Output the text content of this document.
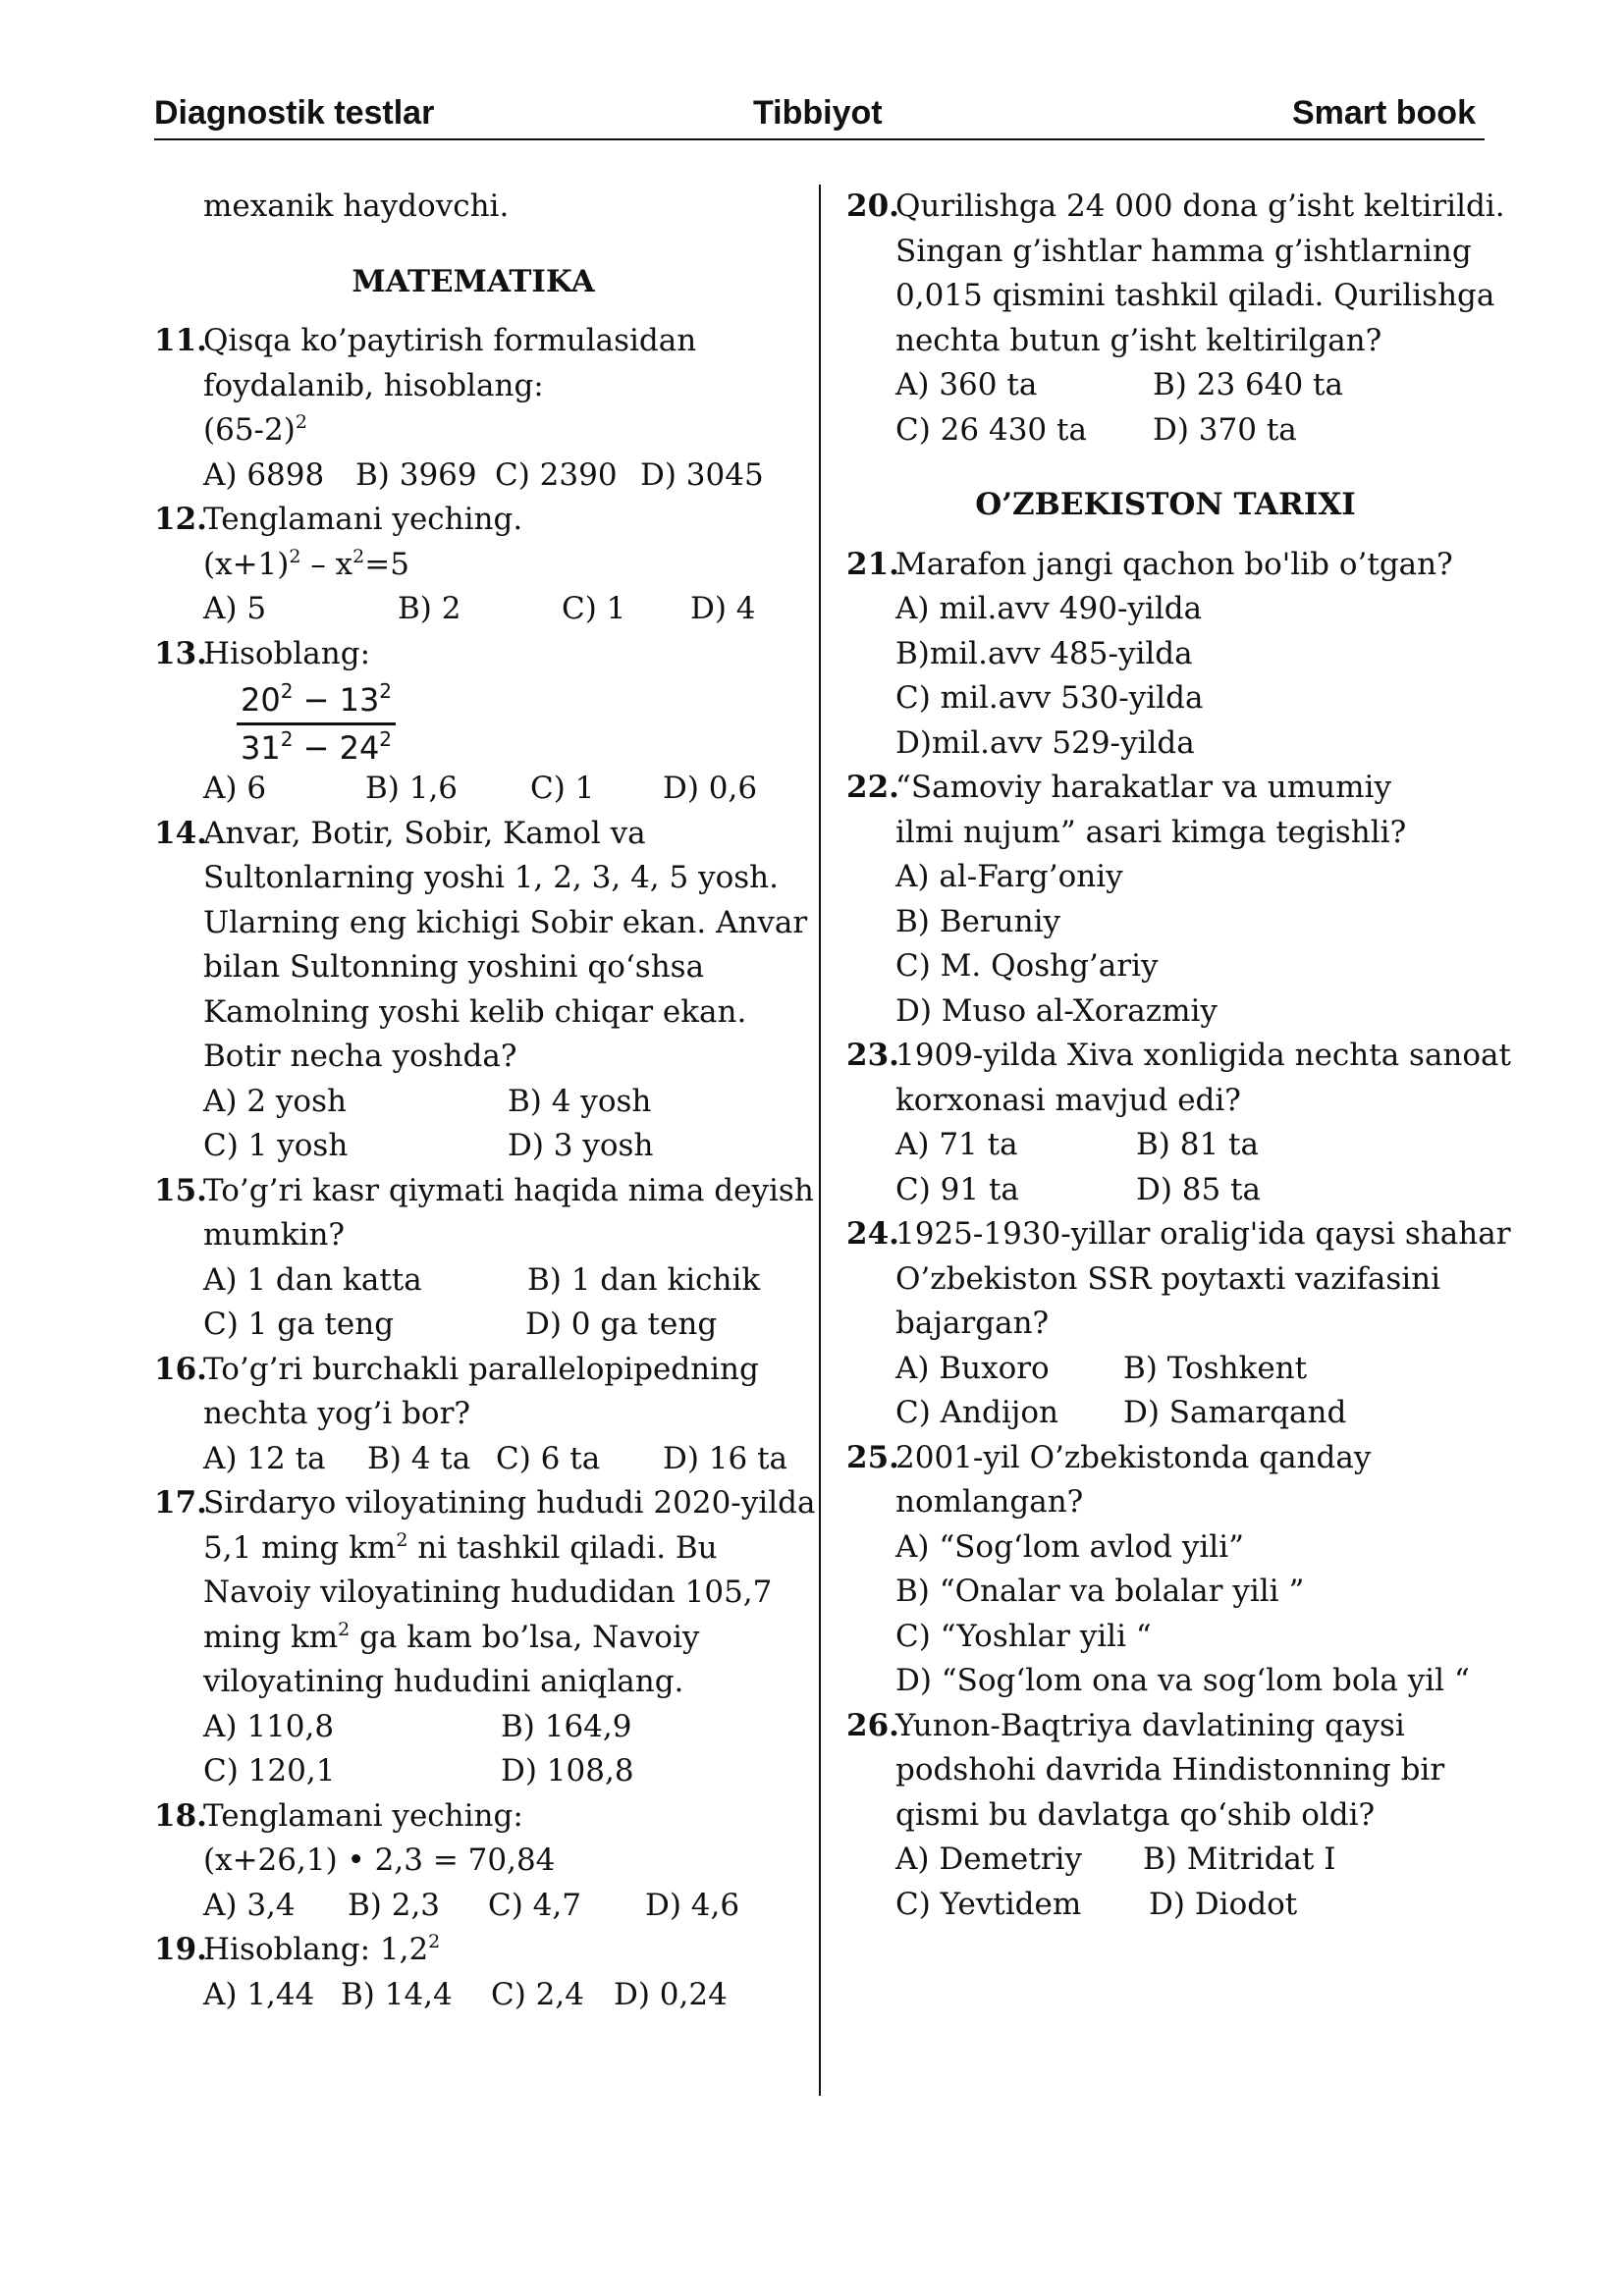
Diagnostik testlar	Tibbiyot	Smart book
mexanik haydovchi.
MATEMATIKA
11.
Qisqa ko’paytirish formulasidan
foydalanib, hisoblang:
$(65-2)^2$
A) 6898 B) 3969 C) 2390 D) 3045
12.
Tenglamani yeching.
$(x+1)^2 - x^2=5$
A) 5	B) 2	C) 1 D) 4
13.
Hisoblang:
$20^2 - 13^2$
$31^2 - 24^2$
A) 6	B) 1,6 C) 1 D) 0,6
14.
Anvar, Botir, Sobir, Kamol va
Sultonlarning yoshi 1, 2, 3, 4, 5 yosh.
Ularning eng kichigi Sobir ekan. Anvar
bilan Sultonning yoshini qo‘shsa
Kamolning yoshi kelib chiqar ekan.
Botir necha yoshda?
A) 2 yosh	B) 4 yosh
C) 1 yosh	D) 3 yosh
15.
To’g’ri kasr qiymati haqida nima deyish
mumkin?
A) 1 dan katta	B) 1 dan kichik
C) 1 ga teng	D) 0 ga teng
16.
To’g’ri burchakli parallelopipedning
nechta yog’i bor?
A) 12 ta B) 4 ta C) 6 ta D) 16 ta
17.
Sirdaryo viloyatining hududi 2020-yilda
5,1 ming $km^2$ ni tashkil qiladi. Bu
Navoiy viloyatining hududidan 105,7
ming $km^2$ ga kam bo’lsa, Navoiy
viloyatining hududini aniqlang.
A) 110,8	B) 164,9
C) 120,1	D) 108,8
18.
Tenglamani yeching:
(x+26,1) • 2,3 = 70,84
A) 3,4 B) 2,3 C) 4,7 D) 4,6
19.
Hisoblang: $1,2^2$
A) 1,44 B) 14,4 C) 2,4 D) 0,24
20.
Qurilishga 24 000 dona g’isht keltirildi.
Singan g’ishtlar hamma g’ishtlarning
0,015 qismini tashkil qiladi. Qurilishga
nechta butun g’isht keltirilgan?
A) 360 ta	B) 23 640 ta
C) 26 430 ta D) 370 ta
O’ZBEKISTON TARIXI
21.
Marafon jangi qachon bo'lib o’tgan?
A) mil.avv 490-yilda
B)mil.avv 485-yilda
C) mil.avv 530-yilda
D)mil.avv 529-yilda
22.
“Samoviy harakatlar va umumiy
ilmi nujum” asari kimga tegishli?
A) al-Farg’oniy
B) Beruniy
C) M. Qoshg’ariy
D) Muso al-Xorazmiy
23.
1909-yilda Xiva xonligida nechta sanoat
korxonasi mavjud edi?
A) 71 ta	B) 81 ta
C) 91 ta	D) 85 ta
24.
1925-1930-yillar oralig'ida qaysi shahar
O’zbekiston SSR poytaxti vazifasini
bajargan?
A) Buxoro B) Toshkent
C) Andijon D) Samarqand
25.
2001-yil O’zbekistonda qanday
nomlangan?
A) “Sog‘lom avlod yili”
B) “Onalar va bolalar yili ”
C) “Yoshlar yili “
D) “Sog‘lom ona va sog‘lom bola yil “
26.
Yunon-Baqtriya davlatining qaysi
podshohi davrida Hindistonning bir
qismi bu davlatga qo‘shib oldi?
A) Demetriy B) Mitridat I
C) Yevtidem D) Diodot
